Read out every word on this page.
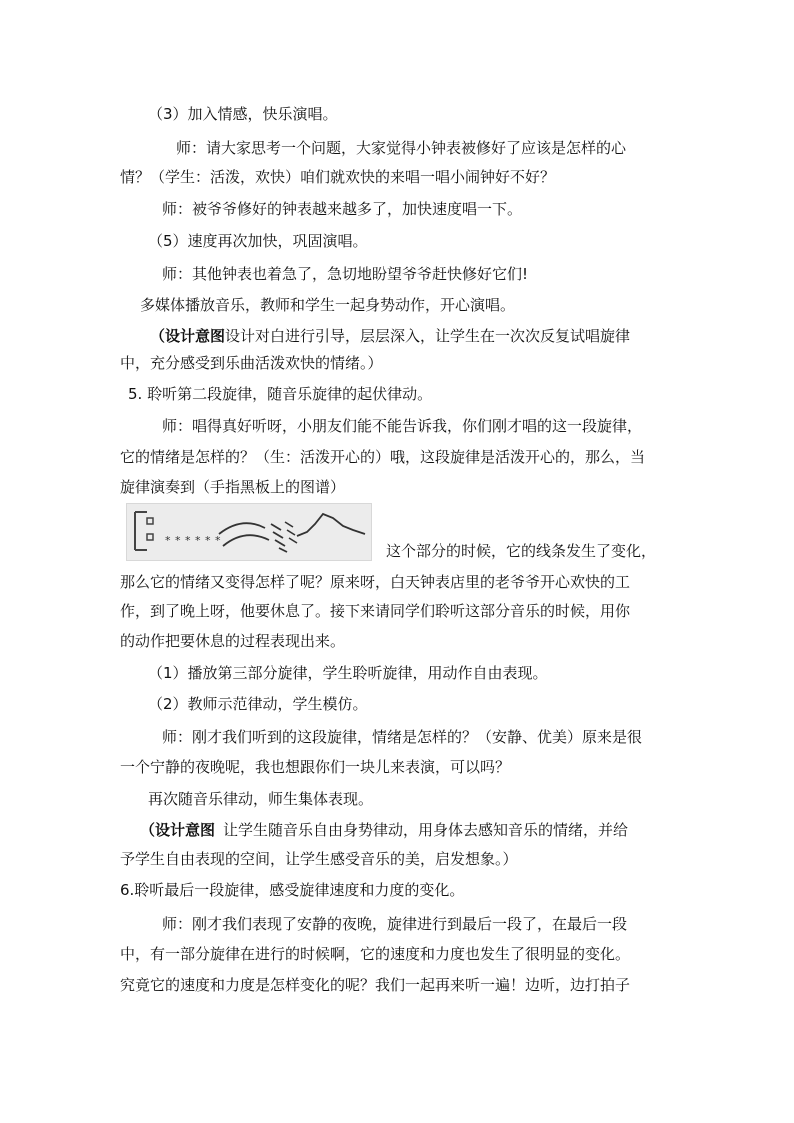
（3）加入情感，快乐演唱。
师：请大家思考一个问题，大家觉得小钟表被修好了应该是怎样的心
情？（学生：活泼，欢快）咱们就欢快的来唱一唱小闹钟好不好？
师：被爷爷修好的钟表越来越多了，加快速度唱一下。
（5）速度再次加快，巩固演唱。
师：其他钟表也着急了，急切地盼望爷爷赶快修好它们!
多媒体播放音乐，教师和学生一起身势动作，开心演唱。
（设计意图设计对白进行引导，层层深入，让学生在一次次反复试唱旋律
中，充分感受到乐曲活泼欢快的情绪。）
5. 聆听第二段旋律，随音乐旋律的起伏律动。
师：唱得真好听呀，小朋友们能不能告诉我，你们刚才唱的这一段旋律，
它的情绪是怎样的？（生：活泼开心的）哦，这段旋律是活泼开心的，那么，当
旋律演奏到（手指黑板上的图谱）
* * * * * *
这个部分的时候，它的线条发生了变化，
那么它的情绪又变得怎样了呢？原来呀，白天钟表店里的老爷爷开心欢快的工
作，到了晚上呀，他要休息了。接下来请同学们聆听这部分音乐的时候，用你
的动作把要休息的过程表现出来。
（1）播放第三部分旋律，学生聆听旋律，用动作自由表现。
（2）教师示范律动，学生模仿。
师：刚才我们听到的这段旋律，情绪是怎样的？（安静、优美）原来是很
一个宁静的夜晚呢，我也想跟你们一块儿来表演，可以吗？
再次随音乐律动，师生集体表现。
（设计意图 让学生随音乐自由身势律动，用身体去感知音乐的情绪，并给
予学生自由表现的空间，让学生感受音乐的美，启发想象。）
6.聆听最后一段旋律，感受旋律速度和力度的变化。
师：刚才我们表现了安静的夜晚，旋律进行到最后一段了，在最后一段
中，有一部分旋律在进行的时候啊，它的速度和力度也发生了很明显的变化。
究竟它的速度和力度是怎样变化的呢？我们一起再来听一遍！边听，边打拍子
